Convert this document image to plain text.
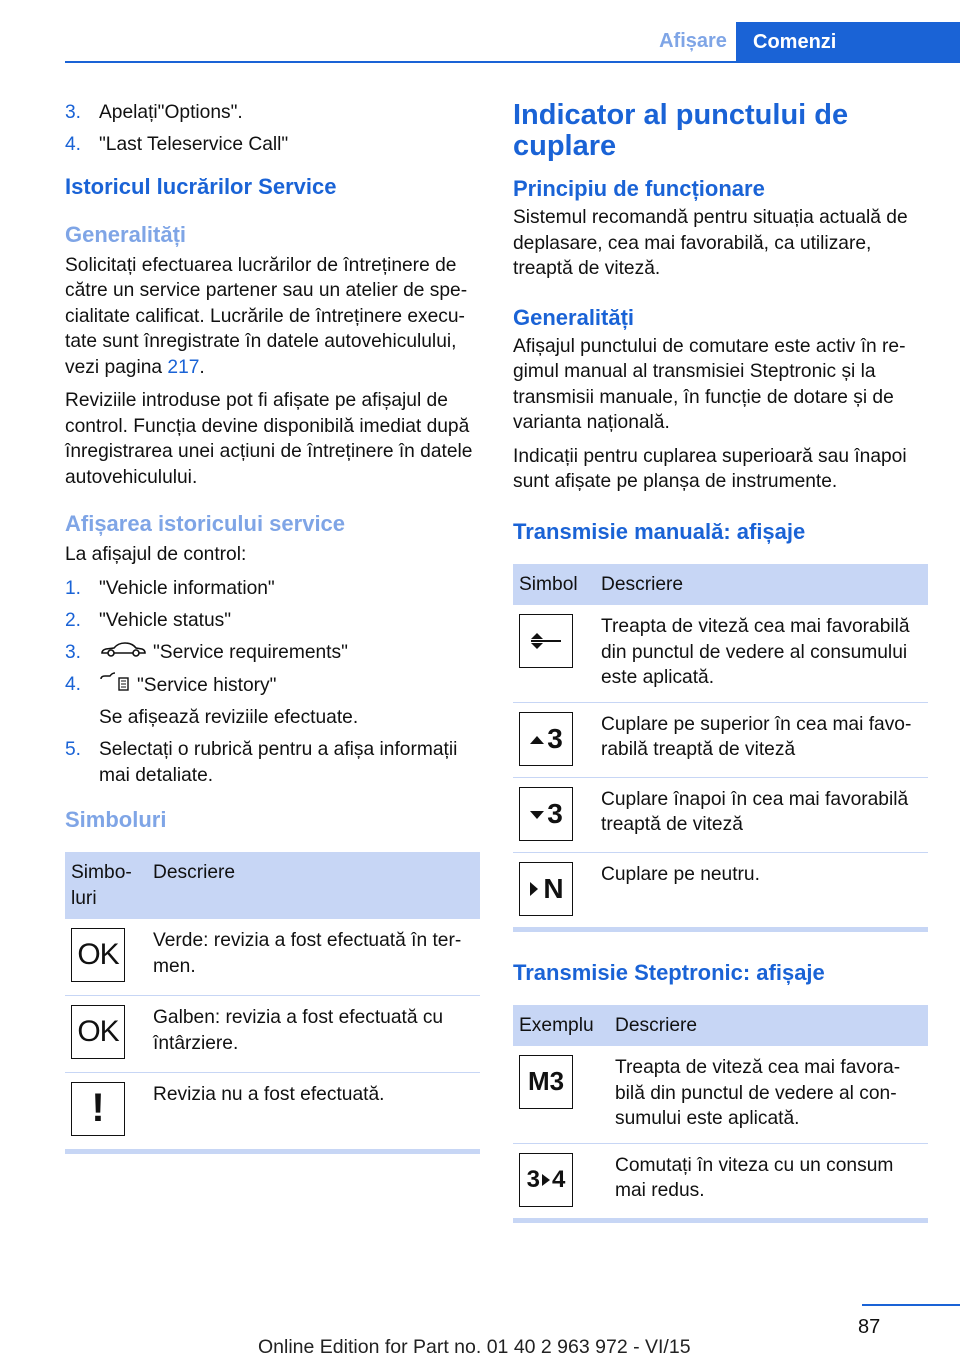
Afișare	Comenzi
3. Apelați"Options".
4. "Last Teleservice Call"
Istoricul lucrărilor Service
Generalități

Solicitați efectuarea lucrărilor de întreținere de către un service partener sau un atelier de specialitate calificat. Lucrările de întreținere executate sunt înregistrate în datele autovehiculului, vezi pagina 217.

Reviziile introduse pot fi afișate pe afișajul de control. Funcția devine disponibilă imediat după înregistrarea unei acțiuni de întreținere în datele autovehiculului.

Afișarea istoricului service

La afișajul de control:

1. "Vehicle information"
2. "Vehicle status"
3.	"Service requirements"
4.	"Service history"
Se afișează reviziile efectuate.
5. Selectați o rubrică pentru a afișa informații mai detaliate.
Simboluri
Simboluri	Descriere

OK	Verde: revizia a fost efectuată în termen.

OK	Galben: revizia a fost efectuată cu întârziere.

!	Revizia nu a fost efectuată.
Indicator al punctului de cuplare
Principiu de funcționare

Sistemul recomandă pentru situația actuală de deplasare, cea mai favorabilă, ca utilizare, treaptă de viteză.

Generalități

Afișajul punctului de comutare este activ în regimul manual al transmisiei Steptronic și la transmisii manuale, în funcție de dotare și de varianta națională.

Indicații pentru cuplarea superioară sau înapoi sunt afișate pe planșa de instrumente.

Transmisie manuală: afișaje
Simbol	Descriere

	Treapta de viteză cea mai favorabilă din punctul de vedere al consumului este aplicată.

3	Cuplare pe superior în cea mai favorabilă treaptă de viteză

3	Cuplare înapoi în cea mai favorabilă treaptă de viteză

N	Cuplare pe neutru.
Transmisie Steptronic: afișaje
Exemplu	Descriere

M3	Treapta de viteză cea mai favorabilă din punctul de vedere al consumului este aplicată.

3 4	Comutați în viteza cu un consum mai redus.
87
Online Edition for Part no. 01 40 2 963 972 - VI/15
